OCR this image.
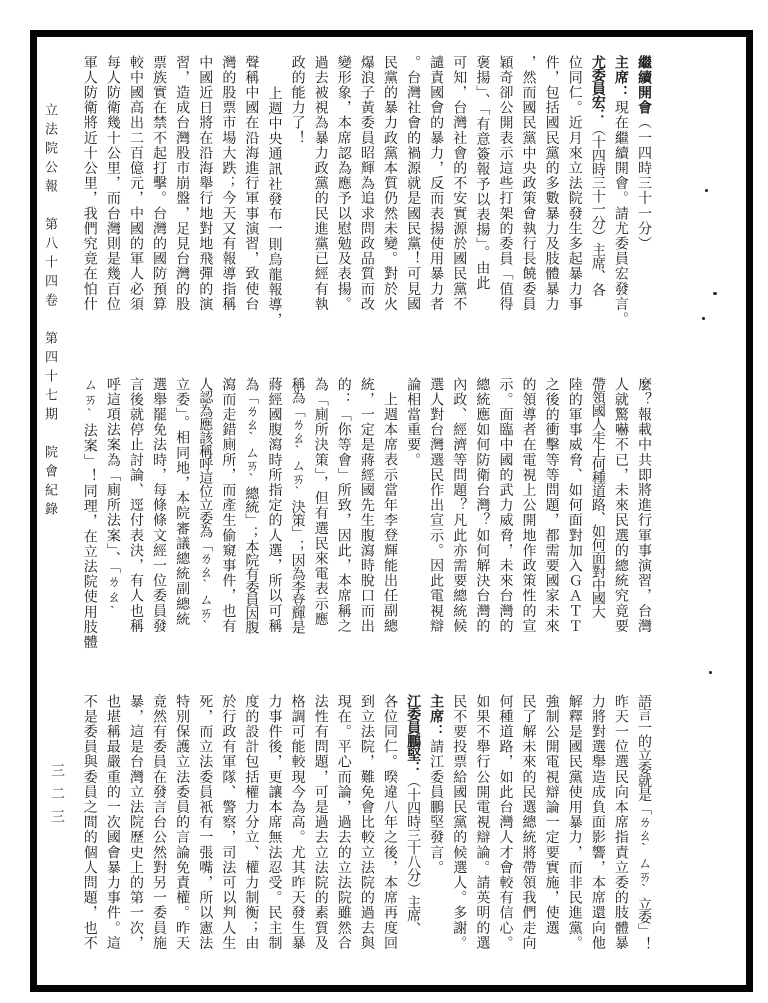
立法院公報　第八十四卷　第四十七期　院會紀錄
三二三
繼續開會（一四時三十一分）
主席：現在繼續開會。請尤委員宏發言。
尤委員宏：（十四時三十一分）主席、各
位同仁。近月來立法院發生多起暴力事
件，包括國民黨的多數暴力及肢體暴力
，然而國民黨中央政策會執行長饒委員
穎奇卻公開表示這些打架的委員「值得
褒揚」、「有意簽報予以表揚」。由此
可知，台灣社會的不安實源於國民黨不
譴責國會的暴力，反而表揚使用暴力者
。台灣社會的禍源就是國民黨！可見國
民黨的暴力政黨本質仍然未變。對於火
爆浪子黃委員昭輝為追求問政品質而改
變形象，本席認為應予以慰勉及表揚。
過去被視為暴力政黨的民進黨已經有執
政的能力了！
上週中央通訊社發布一則烏龍報導，
聲稱中國在沿海進行軍事演習，致使台
灣的股票市場大跌；今天又有報導指稱
中國近日將在沿海舉行地對地飛彈的演
習，造成台灣股市崩盤，足見台灣的股
票族實在禁不起打擊。台灣的國防預算
較中國高出二百億元，中國的軍人必須
每人防衛幾十公里，而台灣則是幾百位
軍人防衛將近十公里，我們究竟在怕什
麼？報載中共即將進行軍事演習，台灣
人就驚嚇不已，未來民選的總統究竟要
帶領國人走上何種道路、如何面對中國大
陸的軍事威脅、如何面對加入ＧＡＴＴ
之後的衝擊等等問題，都需要國家未來
的領導者在電視上公開地作政策性的宣
示。面臨中國的武力威脅，未來台灣的
總統應如何防衛台灣？如何解決台灣的
內政、經濟等問題？凡此亦需要總統候
選人對台灣選民作出宣示。因此電視辯
論相當重要。
上週本席表示當年李登輝能出任副總
統，一定是蔣經國先生腹瀉時脫口而出
的：「你等會」所致，因此，本席稱之
為「廁所決策」，但有選民來電表示應
稱為「ㄌㄠˋㄙㄞˋ決策」；因為李登輝是
蔣經國腹瀉時所指定的人選，所以可稱
為「ㄌㄠˋㄙㄞˋ總統」；本院有委員因腹
瀉而走錯廁所，而產生偷窺事件，也有
人認為應該稱呼這位立委為「ㄌㄠˋㄙㄞˋ
立委」。相同地，本院審議總統副總統
選舉罷免法時，每條條文經一位委員發
言後就停止討論、逕付表決，有人也稱
呼這項法案為「廁所法案」、「ㄌㄠˋ
ㄙㄞˋ法案」！同理，在立法院使用肢體
語言一的立委就是「ㄌㄠˋㄙㄞˋ立委」！
昨天一位選民向本席指責立委的肢體暴
力將對選舉造成負面影響，本席還向他
解釋是國民黨使用暴力，而非民進黨。
強制公開電視辯論一定要實施，使選
民了解未來的民選總統將帶領我們走向
何種道路，如此台灣人才會較有信心。
如果不舉行公開電視辯論。請英明的選
民不要投票給國民黨的候選人。多謝。
主席：請江委員鵬堅發言。
江委員鵬堅：（十四時三十八分）主席、
各位同仁。暌違八年之後，本席再度回
到立法院，難免會比較立法院的過去與
現在。平心而論，過去的立法院雖然合
法性有問題，可是過去立法院的素質及
格調可能較現今為高。尤其昨天發生暴
力事件後，更讓本席無法忍受。民主制
度的設計包括權力分立、權力制衡；由
於行政有軍隊、警察，司法可以判人生
死，而立法委員衹有一張嘴，所以憲法
特別保護立法委員的言論免責權。昨天
竟然有委員在發言台公然對另一委員施
暴，這是台灣立法院歷史上的第一次，
也堪稱最嚴重的一次國會暴力事件。這
不是委員與委員之間的個人問題，也不
